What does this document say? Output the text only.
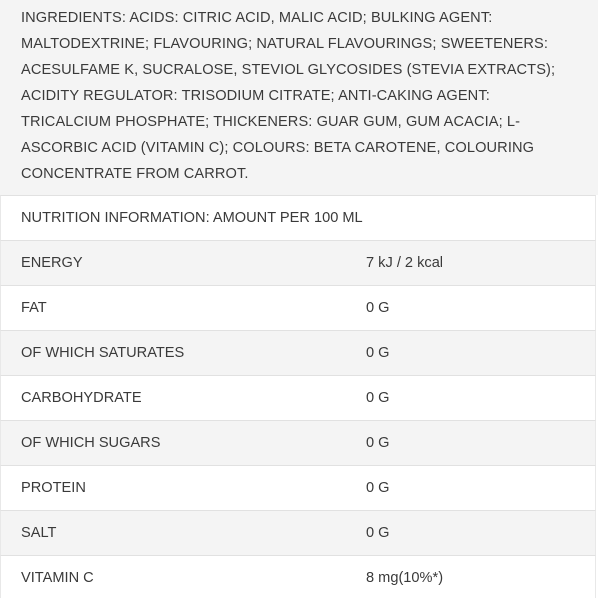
INGREDIENTS: ACIDS: CITRIC ACID, MALIC ACID; BULKING AGENT: MALTODEXTRINE; FLAVOURING; NATURAL FLAVOURINGS; SWEETENERS: ACESULFAME K, SUCRALOSE, STEVIOL GLYCOSIDES (STEVIA EXTRACTS); ACIDITY REGULATOR: TRISODIUM CITRATE; ANTI-CAKING AGENT: TRICALCIUM PHOSPHATE; THICKENERS: GUAR GUM, GUM ACACIA; L-ASCORBIC ACID (VITAMIN C); COLOURS: BETA CAROTENE, COLOURING CONCENTRATE FROM CARROT.
NUTRITION INFORMATION: AMOUNT PER 100 ML
ENERGY	7 kJ / 2 kcal
FAT	0 G
OF WHICH SATURATES	0 G
CARBOHYDRATE	0 G
OF WHICH SUGARS	0 G
PROTEIN	0 G
SALT	0 G
VITAMIN C	8 mg(10%*)
